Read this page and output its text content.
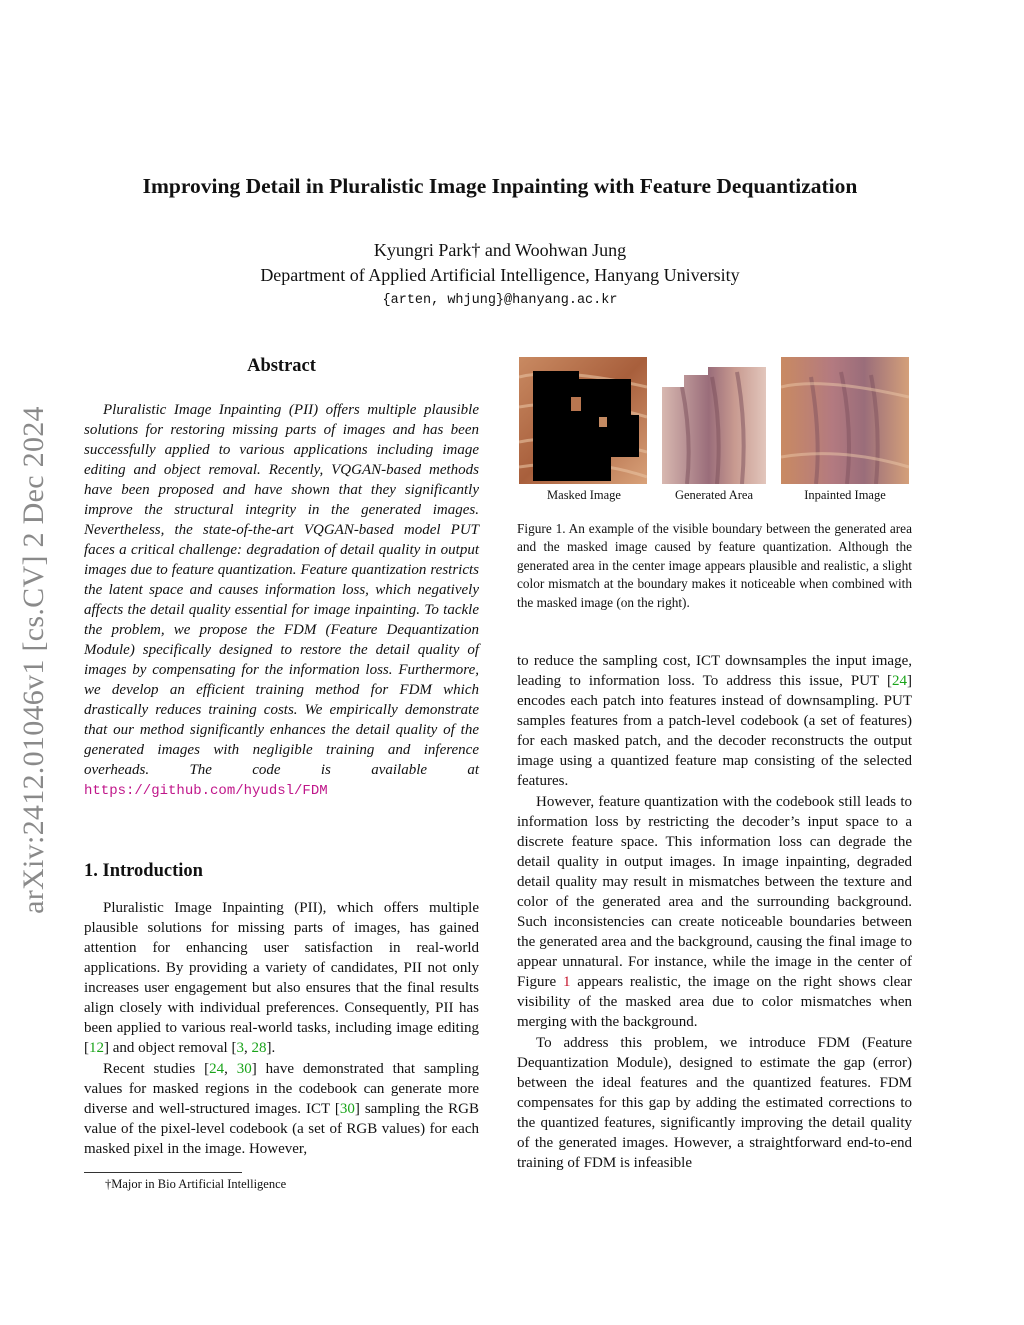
Improving Detail in Pluralistic Image Inpainting with Feature Dequantization
Kyungri Park† and Woohwan Jung
Department of Applied Artificial Intelligence, Hanyang University
{arten, whjung}@hanyang.ac.kr
arXiv:2412.01046v1 [cs.CV] 2 Dec 2024
Abstract
Pluralistic Image Inpainting (PII) offers multiple plausible solutions for restoring missing parts of images and has been successfully applied to various applications including image editing and object removal. Recently, VQGAN-based methods have been proposed and have shown that they significantly improve the structural integrity in the generated images. Nevertheless, the state-of-the-art VQGAN-based model PUT faces a critical challenge: degradation of detail quality in output images due to feature quantization. Feature quantization restricts the latent space and causes information loss, which negatively affects the detail quality essential for image inpainting. To tackle the problem, we propose the FDM (Feature Dequantization Module) specifically designed to restore the detail quality of images by compensating for the information loss. Furthermore, we develop an efficient training method for FDM which drastically reduces training costs. We empirically demonstrate that our method significantly enhances the detail quality of the generated images with negligible training and inference overheads. The code is available at https://github.com/hyudsl/FDM
1. Introduction

Pluralistic Image Inpainting (PII), which offers multiple plausible solutions for missing parts of images, has gained attention for enhancing user satisfaction in real-world applications. By providing a variety of candidates, PII not only increases user engagement but also ensures that the final results align closely with individual preferences. Consequently, PII has been applied to various real-world tasks, including image editing [12] and object removal [3, 28].

Recent studies [24, 30] have demonstrated that sampling values for masked regions in the codebook can generate more diverse and well-structured images. ICT [30] sampling the RGB value of the pixel-level codebook (a set of RGB values) for each masked pixel in the image. However,

†Major in Bio Artificial Intelligence
Masked Image	Generated Area	Inpainted Image
Figure 1. An example of the visible boundary between the generated area and the masked image caused by feature quantization. Although the generated area in the center image appears plausible and realistic, a slight color mismatch at the boundary makes it noticeable when combined with the masked image (on the right).

to reduce the sampling cost, ICT downsamples the input image, leading to information loss. To address this issue, PUT [24] encodes each patch into features instead of downsampling. PUT samples features from a patch-level codebook (a set of features) for each masked patch, and the decoder reconstructs the output image using a quantized feature map consisting of the selected features.

However, feature quantization with the codebook still leads to information loss by restricting the decoder’s input space to a discrete feature space. This information loss can degrade the detail quality in output images. In image inpainting, degraded detail quality may result in mismatches between the texture and color of the generated area and the surrounding background. Such inconsistencies can create noticeable boundaries between the generated area and the background, causing the final image to appear unnatural. For instance, while the image in the center of Figure 1 appears realistic, the image on the right shows clear visibility of the masked area due to color mismatches when merging with the background.

To address this problem, we introduce FDM (Feature Dequantization Module), designed to estimate the gap (error) between the ideal features and the quantized features. FDM compensates for this gap by adding the estimated corrections to the quantized features, significantly improving the detail quality of the generated images. However, a straightforward end-to-end training of FDM is infeasible
